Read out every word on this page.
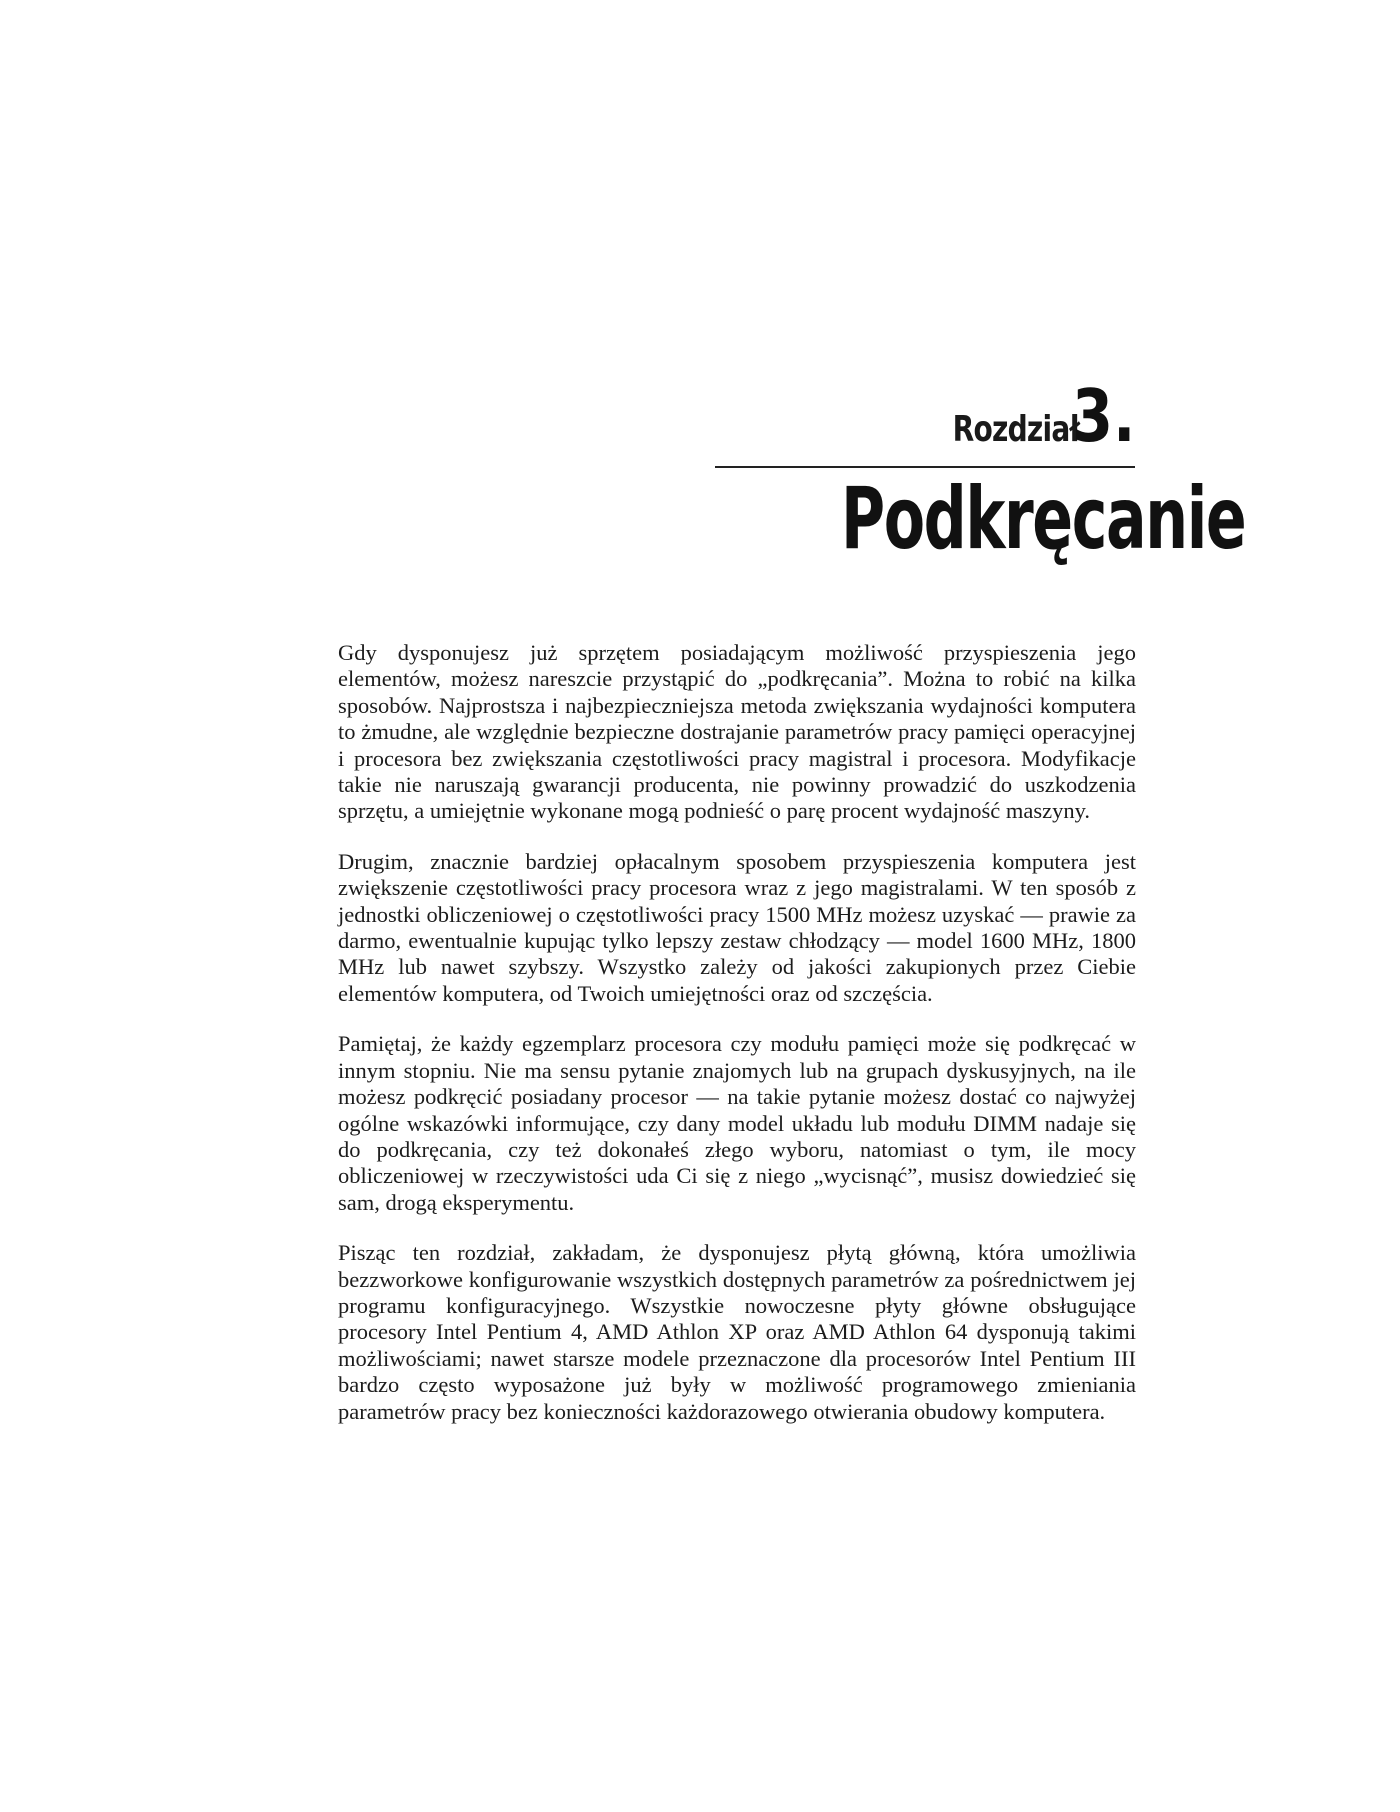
Rozdział
3.
Podkręcanie

Gdy dysponujesz już sprzętem posiadającym możliwość przyspieszenia jego elementów, możesz nareszcie przystąpić do „podkręcania”. Można to robić na kilka sposobów. Najprostsza i najbezpieczniejsza metoda zwiększania wydajności komputera to żmudne, ale względnie bezpieczne dostrajanie parametrów pracy pamięci operacyjnej i procesora bez zwiększania częstotliwości pracy magistral i procesora. Modyfikacje takie nie naruszają gwarancji producenta, nie powinny prowadzić do uszkodzenia sprzętu, a umiejętnie wykonane mogą podnieść o parę procent wydajność maszyny.

Drugim, znacznie bardziej opłacalnym sposobem przyspieszenia komputera jest zwiększenie częstotliwości pracy procesora wraz z jego magistralami. W ten sposób z jednostki obliczeniowej o częstotliwości pracy 1500 MHz możesz uzyskać — prawie za darmo, ewentualnie kupując tylko lepszy zestaw chłodzący — model 1600 MHz, 1800 MHz lub nawet szybszy. Wszystko zależy od jakości zakupionych przez Ciebie elementów komputera, od Twoich umiejętności oraz od szczęścia.

Pamiętaj, że każdy egzemplarz procesora czy modułu pamięci może się podkręcać w innym stopniu. Nie ma sensu pytanie znajomych lub na grupach dyskusyjnych, na ile możesz podkręcić posiadany procesor — na takie pytanie możesz dostać co najwyżej ogólne wskazówki informujące, czy dany model układu lub modułu DIMM nadaje się do podkręcania, czy też dokonałeś złego wyboru, natomiast o tym, ile mocy obliczeniowej w rzeczywistości uda Ci się z niego „wycisnąć”, musisz dowiedzieć się sam, drogą eksperymentu.

Pisząc ten rozdział, zakładam, że dysponujesz płytą główną, która umożliwia bezzworkowe konfigurowanie wszystkich dostępnych parametrów za pośrednictwem jej programu konfiguracyjnego. Wszystkie nowoczesne płyty główne obsługujące procesory Intel Pentium 4, AMD Athlon XP oraz AMD Athlon 64 dysponują takimi możliwościami; nawet starsze modele przeznaczone dla procesorów Intel Pentium III bardzo często wyposażone już były w możliwość programowego zmieniania parametrów pracy bez konieczności każdorazowego otwierania obudowy komputera.
